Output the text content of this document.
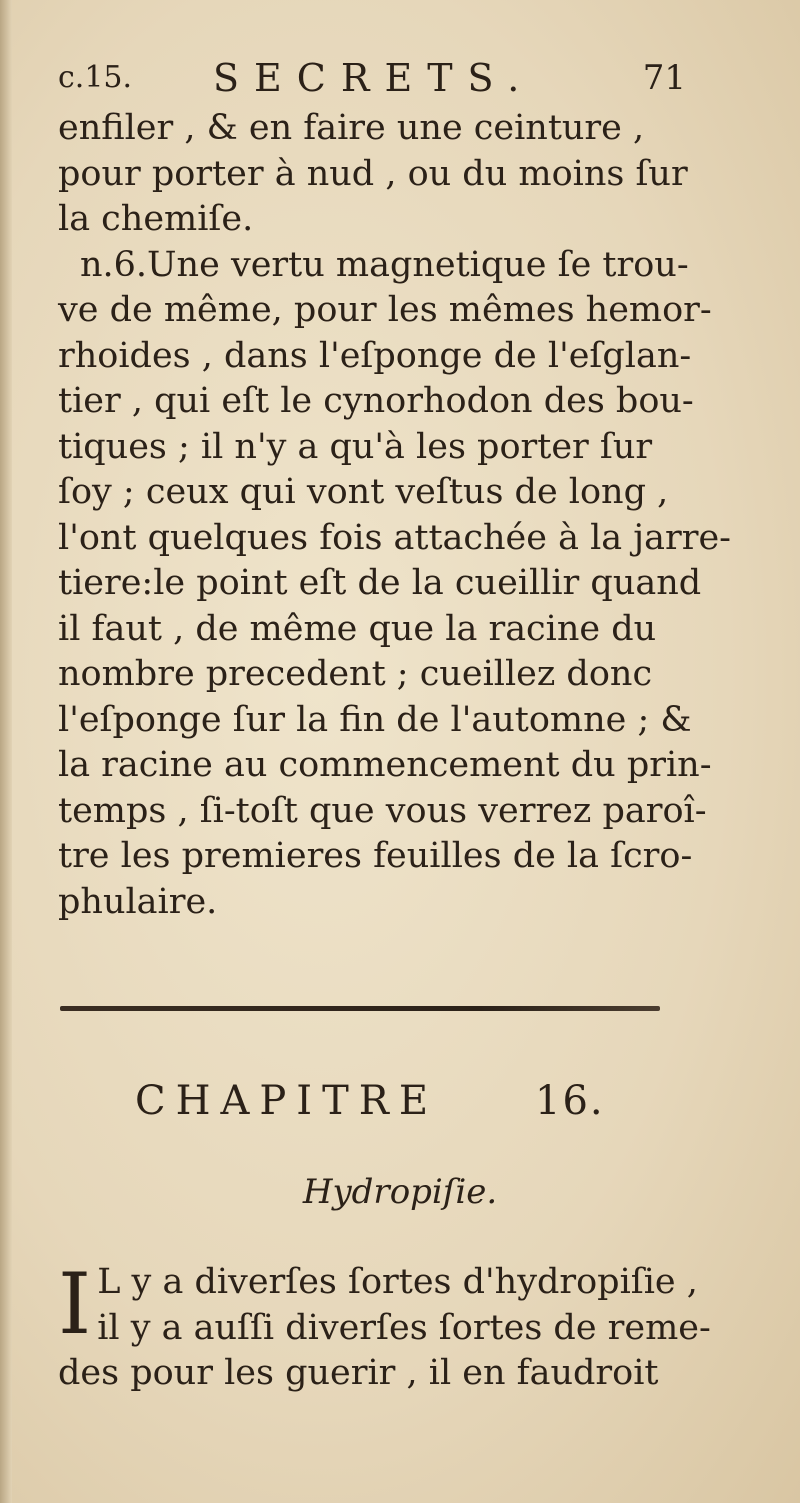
c.15. SECRETS.	71
enfiler , & en faire une ceinture ,
pour porter à nud , ou du moins ſur
la chemiſe.
n.6.Une vertu magnetique ſe trou-
ve de même, pour les mêmes hemor-
rhoides , dans l'eſponge de l'eſglan-
tier , qui eſt le cynorhodon des bou-
tiques ; il n'y a qu'à les porter ſur
ſoy ; ceux qui vont veſtus de long ,
l'ont quelques fois attachée à la jarre-
tiere:le point eſt de la cueillir quand
il faut , de même que la racine du
nombre precedent ; cueillez donc
l'eſponge ſur la fin de l'automne ; &
la racine au commencement du prin-
temps , ſi-toſt que vous verrez paroî-
tre les premieres feuilles de la ſcro-
phulaire.
CHAPITRE 16.
Hydropiſie.
I L y a diverſes ſortes d'hydropiſie ,
il y a auſſi diverſes ſortes de reme-
des pour les guerir , il en faudroit
